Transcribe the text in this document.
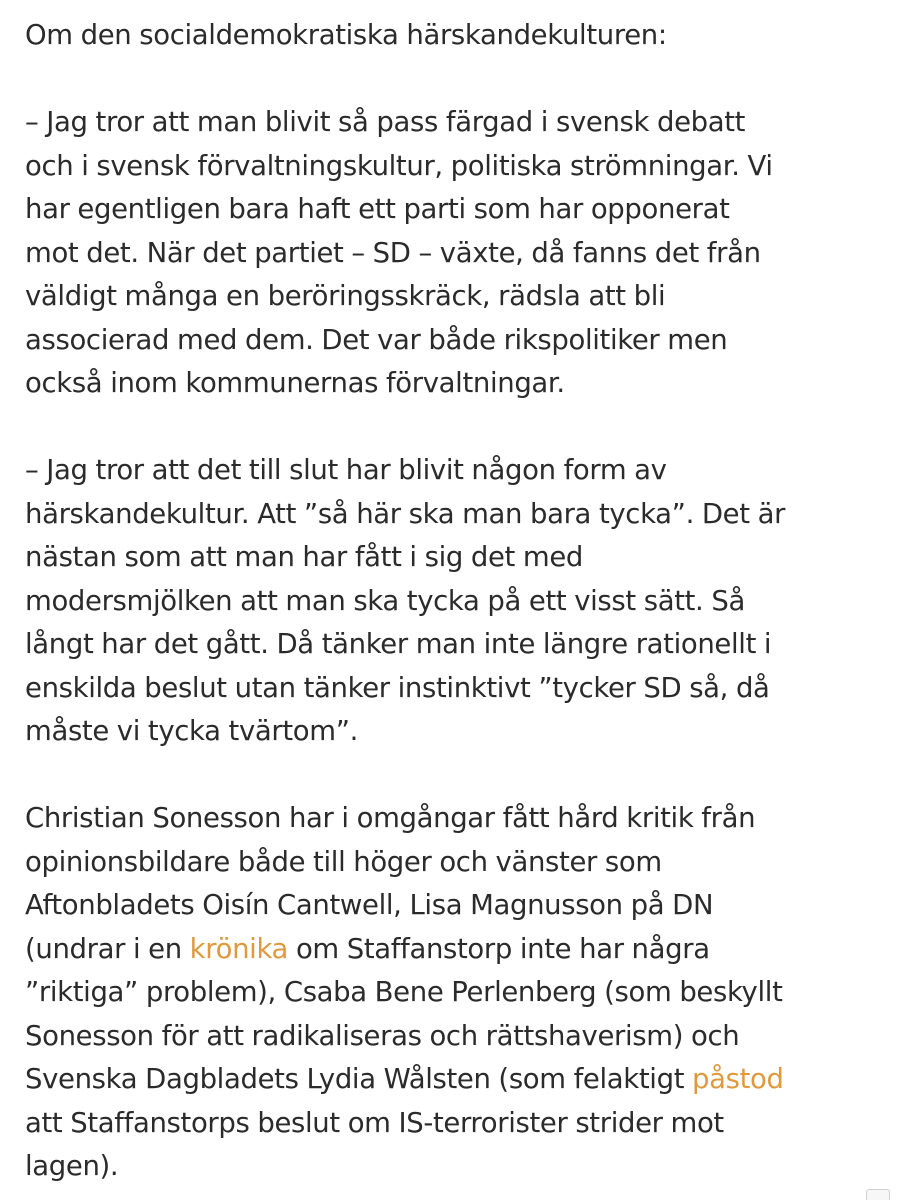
Om den socialdemokratiska härskandekulturen:

– Jag tror att man blivit så pass färgad i svensk debatt
och i svensk förvaltningskultur, politiska strömningar. Vi
har egentligen bara haft ett parti som har opponerat
mot det. När det partiet – SD – växte, då fanns det från
väldigt många en beröringsskräck, rädsla att bli
associerad med dem. Det var både rikspolitiker men
också inom kommunernas förvaltningar.

– Jag tror att det till slut har blivit någon form av
härskandekultur. Att ”så här ska man bara tycka”. Det är
nästan som att man har fått i sig det med
modersmjölken att man ska tycka på ett visst sätt. Så
långt har det gått. Då tänker man inte längre rationellt i
enskilda beslut utan tänker instinktivt ”tycker SD så, då
måste vi tycka tvärtom”.

Christian Sonesson har i omgångar fått hård kritik från
opinionsbildare både till höger och vänster som
Aftonbladets Oisín Cantwell, Lisa Magnusson på DN
(undrar i en krönika om Staffanstorp inte har några
”riktiga” problem), Csaba Bene Perlenberg (som beskyllt
Sonesson för att radikaliseras och rättshaverism) och
Svenska Dagbladets Lydia Wålsten (som felaktigt påstod
att Staffanstorps beslut om IS-terrorister strider mot
lagen).
